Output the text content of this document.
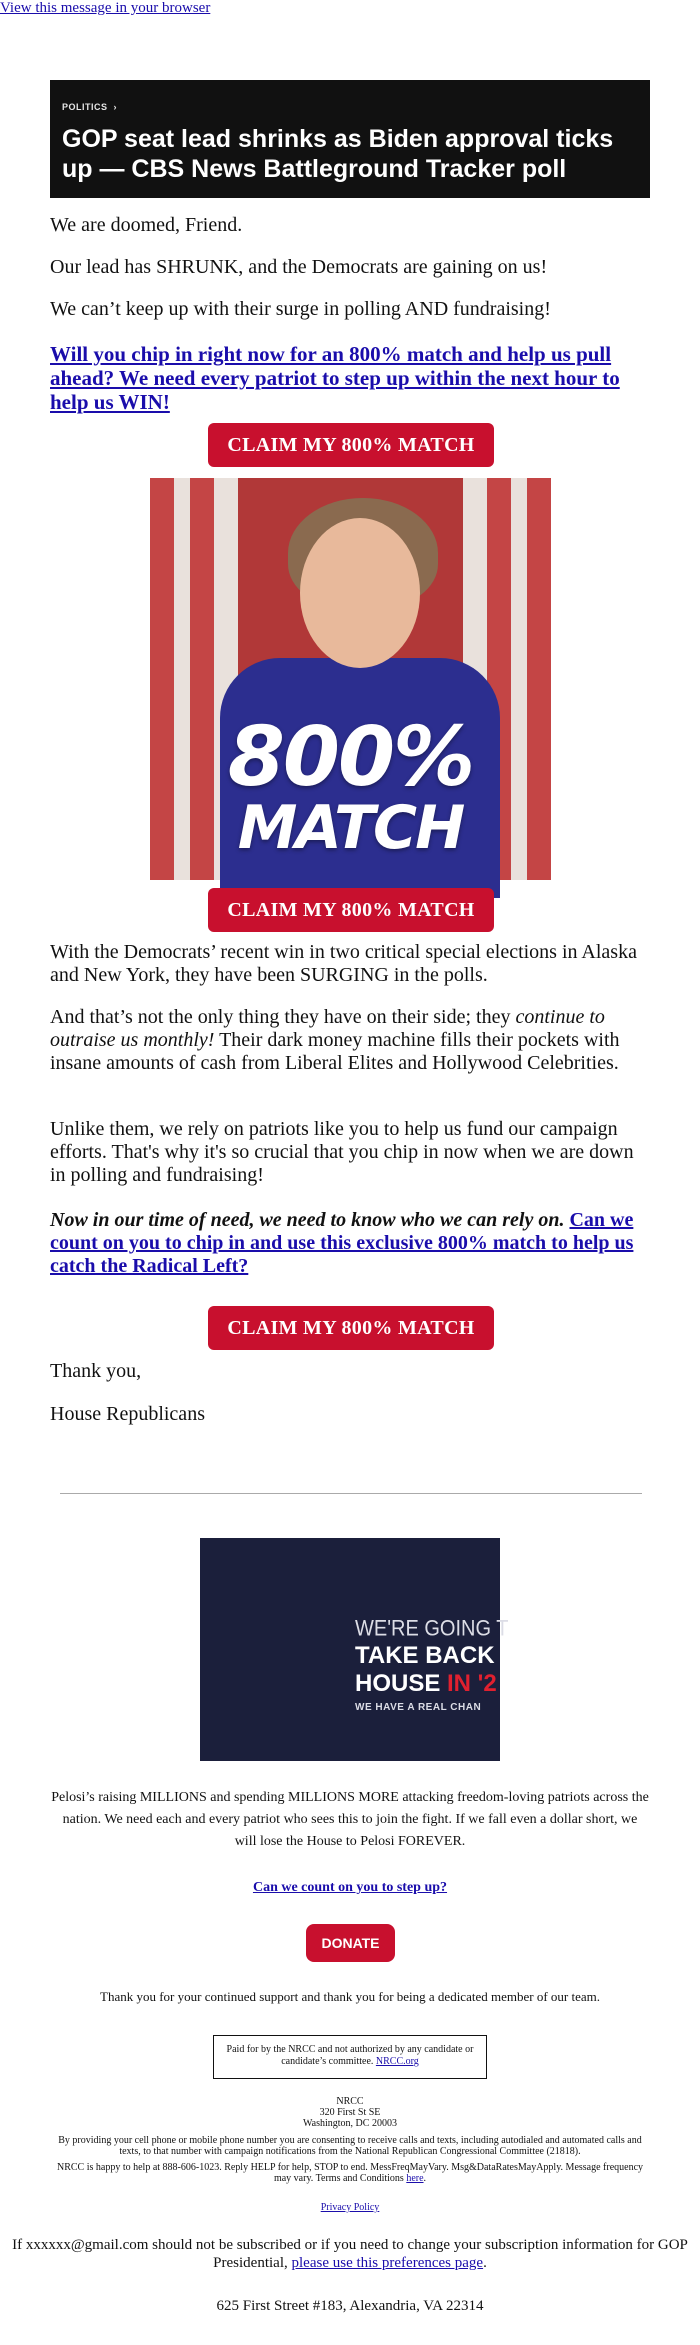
View this message in your browser
POLITICS ›
GOP seat lead shrinks as Biden approval ticks up — CBS News Battleground Tracker poll

We are doomed, Friend.

Our lead has SHRUNK, and the Democrats are gaining on us!

We can’t keep up with their surge in polling AND fundraising!

Will you chip in right now for an 800% match and help us pull ahead? We need every patriot to step up within the next hour to help us WIN!

CLAIM MY 800% MATCH
800%
MATCH
CLAIM MY 800% MATCH

With the Democrats’ recent win in two critical special elections in Alaska and New York, they have been SURGING in the polls.

And that’s not the only thing they have on their side; they continue to outraise us monthly! Their dark money machine fills their pockets with insane amounts of cash from Liberal Elites and Hollywood Celebrities.

Unlike them, we rely on patriots like you to help us fund our campaign efforts. That's why it's so crucial that you chip in now when we are down in polling and fundraising!

Now in our time of need, we need to know who we can rely on. Can we count on you to chip in and use this exclusive 800% match to help us catch the Radical Left?

CLAIM MY 800% MATCH

Thank you,

House Republicans

WE'RE GOING T
TAKE BACK TH
HOUSE IN '2
WE HAVE A REAL CHAN
Pelosi’s raising MILLIONS and spending MILLIONS MORE attacking freedom-loving patriots across the nation. We need each and every patriot who sees this to join the fight. If we fall even a dollar short, we will lose the House to Pelosi FOREVER.
Can we count on you to step up?
DONATE
Thank you for your continued support and thank you for being a dedicated member of our team.
Paid for by the NRCC and not authorized by any candidate or candidate’s committee. NRCC.org
NRCC
320 First St SE
Washington, DC 20003
By providing your cell phone or mobile phone number you are consenting to receive calls and texts, including autodialed and automated calls and texts, to that number with campaign notifications from the National Republican Congressional Committee (21818).
NRCC is happy to help at 888-606-1023. Reply HELP for help, STOP to end. MessFreqMayVary. Msg&DataRatesMayApply. Message frequency may vary. Terms and Conditions here.
Privacy Policy
If xxxxxx@gmail.com should not be subscribed or if you need to change your subscription information for GOP Presidential, please use this preferences page.
625 First Street #183, Alexandria, VA 22314
